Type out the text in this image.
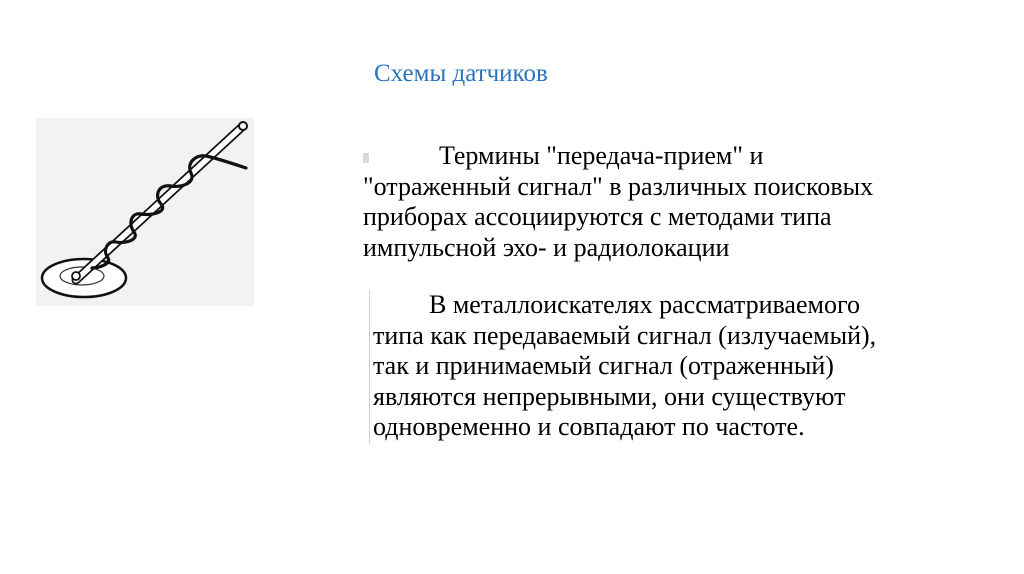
Схемы датчиков
Термины "передача-прием" и
"отраженный сигнал" в различных поисковых
приборах ассоциируются с методами типа
импульсной эхо- и радиолокации
В металлоискателях рассматриваемого
типа как передаваемый сигнал (излучаемый),
так и принимаемый сигнал (отраженный)
являются непрерывными, они существуют
одновременно и совпадают по частоте.
